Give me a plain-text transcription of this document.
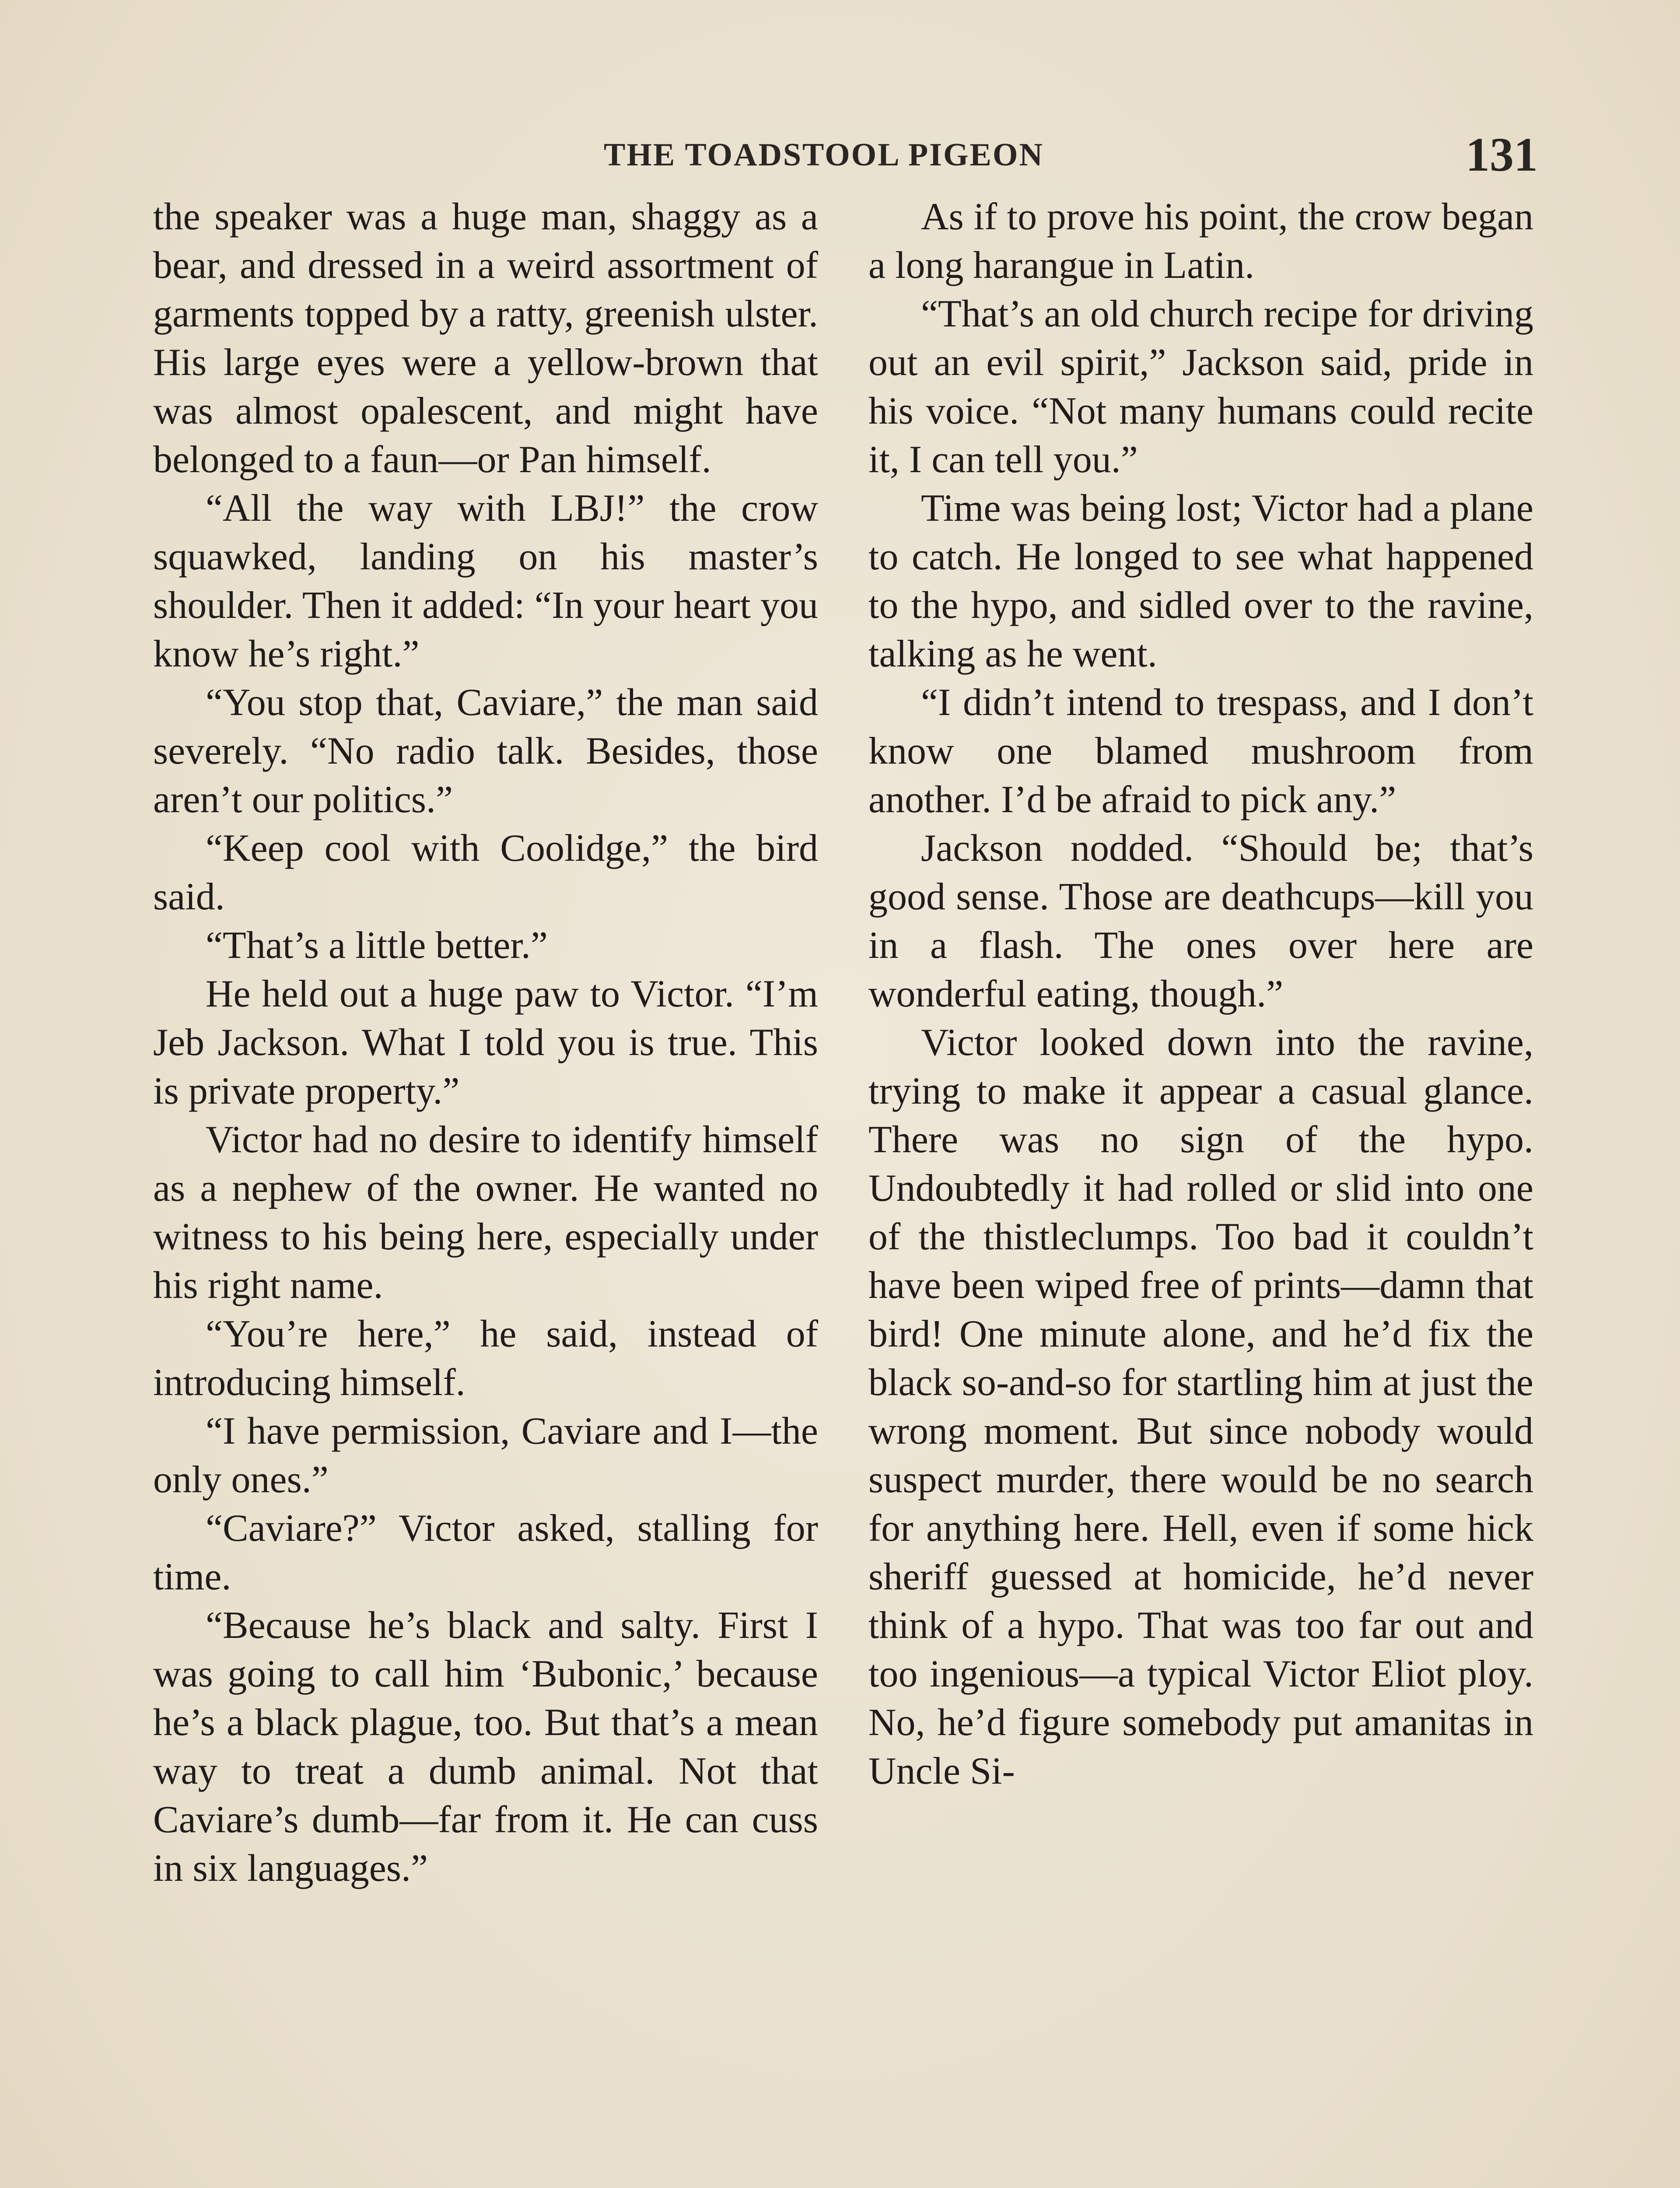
THE TOADSTOOL PIGEON	131

the speaker was a huge man, shaggy as a bear, and dressed in a weird assortment of garments topped by a ratty, greenish ulster. His large eyes were a yellow-brown that was almost opalescent, and might have belonged to a faun—or Pan himself.

“All the way with LBJ!” the crow squawked, landing on his master’s shoulder. Then it added: “In your heart you know he’s right.”

“You stop that, Caviare,” the man said severely. “No radio talk. Besides, those aren’t our politics.”

“Keep cool with Coolidge,” the bird said.

“That’s a little better.”

He held out a huge paw to Victor. “I’m Jeb Jackson. What I told you is true. This is private property.”

Victor had no desire to identify himself as a nephew of the owner. He wanted no witness to his being here, especially under his right name.

“You’re here,” he said, instead of introducing himself.

“I have permission, Caviare and I—the only ones.”

“Caviare?” Victor asked, stalling for time.

“Because he’s black and salty. First I was going to call him ‘Bubonic,’ because he’s a black plague, too. But that’s a mean way to treat a dumb animal. Not that Caviare’s dumb—far from it. He can cuss in six languages.”

As if to prove his point, the crow began a long harangue in Latin.

“That’s an old church recipe for driving out an evil spirit,” Jackson said, pride in his voice. “Not many humans could recite it, I can tell you.”

Time was being lost; Victor had a plane to catch. He longed to see what happened to the hypo, and sidled over to the ravine, talking as he went.

“I didn’t intend to trespass, and I don’t know one blamed mushroom from another. I’d be afraid to pick any.”

Jackson nodded. “Should be; that’s good sense. Those are deathcups—kill you in a flash. The ones over here are wonderful eating, though.”

Victor looked down into the ravine, trying to make it appear a casual glance. There was no sign of the hypo. Undoubtedly it had rolled or slid into one of the thistleclumps. Too bad it couldn’t have been wiped free of prints—damn that bird! One minute alone, and he’d fix the black so-and-so for startling him at just the wrong moment. But since nobody would suspect murder, there would be no search for anything here. Hell, even if some hick sheriff guessed at homicide, he’d never think of a hypo. That was too far out and too ingenious—a typical Victor Eliot ploy. No, he’d figure somebody put amanitas in Uncle Si-
